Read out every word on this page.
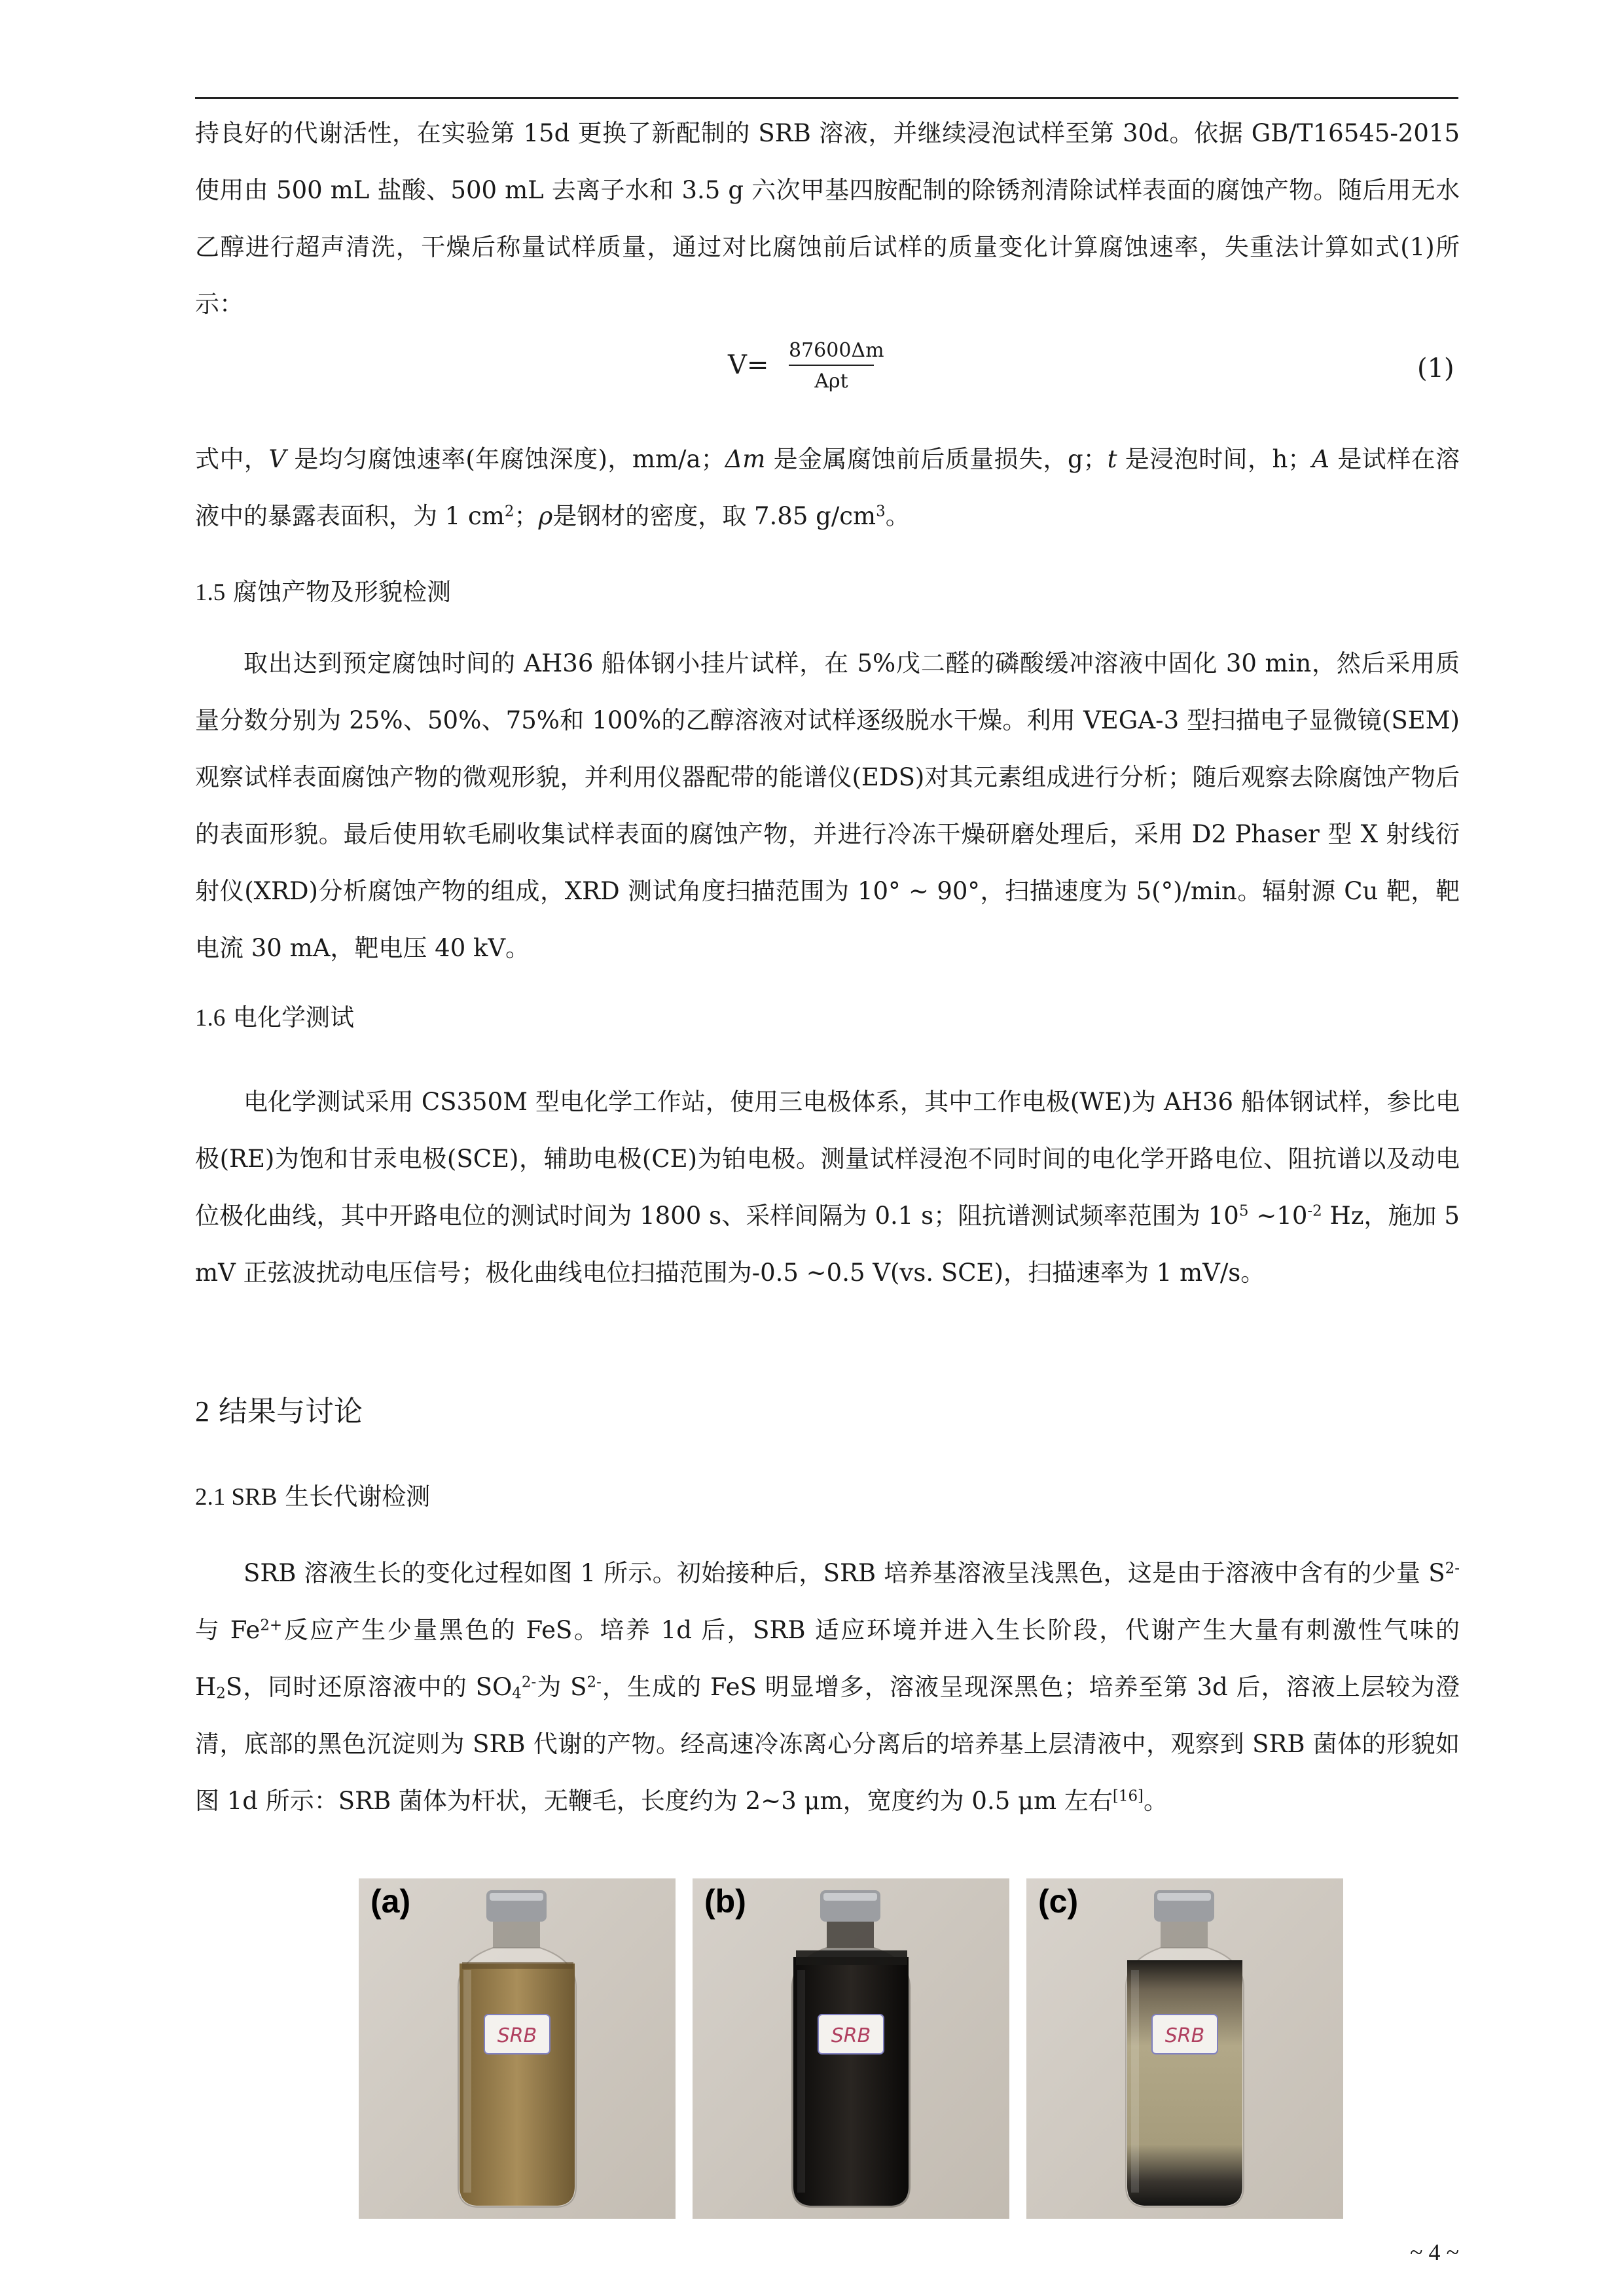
持良好的代谢活性，在实验第 15d 更换了新配制的 SRB 溶液，并继续浸泡试样至第 30d。依据 GB/T16545-2015 使用由 500 mL 盐酸、500 mL 去离子水和 3.5 g 六次甲基四胺配制的除锈剂清除试样表面的腐蚀产物。随后用无水乙醇进行超声清洗，干燥后称量试样质量，通过对比腐蚀前后试样的质量变化计算腐蚀速率，失重法计算如式(1)所示：
V= 87600Δm
Aρt	(1)
式中，V 是均匀腐蚀速率(年腐蚀深度)，mm/a；Δm 是金属腐蚀前后质量损失，g；t 是浸泡时间，h；A 是试样在溶液中的暴露表面积，为 1 $cm^2$；ρ是钢材的密度，取 7.85 $g/cm^3$。
1.5 腐蚀产物及形貌检测
取出达到预定腐蚀时间的 AH36 船体钢小挂片试样，在 5%戊二醛的磷酸缓冲溶液中固化 30 min，然后采用质量分数分别为 25%、50%、75%和 100%的乙醇溶液对试样逐级脱水干燥。利用 VEGA-3 型扫描电子显微镜(SEM)观察试样表面腐蚀产物的微观形貌，并利用仪器配带的能谱仪(EDS)对其元素组成进行分析；随后观察去除腐蚀产物后的表面形貌。最后使用软毛刷收集试样表面的腐蚀产物，并进行冷冻干燥研磨处理后，采用 D2 Phaser 型 X 射线衍射仪(XRD)分析腐蚀产物的组成，XRD 测试角度扫描范围为 10° ~ 90°，扫描速度为 5(°)/min。辐射源 Cu 靶，靶电流 30 mA，靶电压 40 kV。
1.6 电化学测试
电化学测试采用 CS350M 型电化学工作站，使用三电极体系，其中工作电极(WE)为 AH36 船体钢试样，参比电极(RE)为饱和甘汞电极(SCE)，辅助电极(CE)为铂电极。测量试样浸泡不同时间的电化学开路电位、阻抗谱以及动电位极化曲线，其中开路电位的测试时间为 1800 s、采样间隔为 0.1 s；阻抗谱测试频率范围为 $10^5$ $\sim 10^{-2}$ Hz，施加 5 mV 正弦波扰动电压信号；极化曲线电位扫描范围为-0.5 ~0.5 V(vs. SCE)，扫描速率为 1 mV/s。
2 结果与讨论
2.1 SRB 生长代谢检测
SRB 溶液生长的变化过程如图 1 所示。初始接种后，SRB 培养基溶液呈浅黑色，这是由于溶液中含有的少量 $S^{2-}$与 $Fe^{2+}$反应产生少量黑色的 FeS。培养 1d 后，SRB 适应环境并进入生长阶段，代谢产生大量有刺激性气味的 $H_2S$，同时还原溶液中的 $SO_4^{2-}$为 $S^{2-}$，生成的 FeS 明显增多，溶液呈现深黑色；培养至第 3d 后，溶液上层较为澄清，底部的黑色沉淀则为 SRB 代谢的产物。经高速冷冻离心分离后的培养基上层清液中，观察到 SRB 菌体的形貌如图 1d 所示：SRB 菌体为杆状，无鞭毛，长度约为 2~3 μm，宽度约为 0.5 μm 左右[16]。
SRB
(a)
SRB
(b)
SRB
(c)
~ 4 ~
